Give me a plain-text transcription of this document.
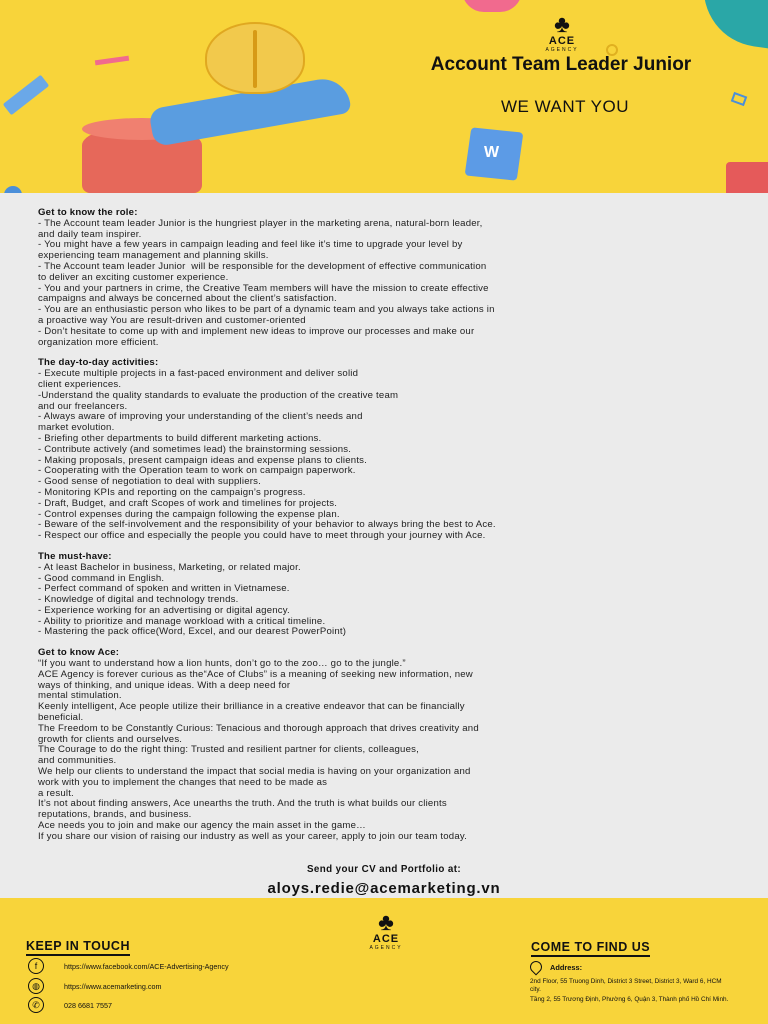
W
♣
ACE
AGENCY
Account Team Leader Junior
WE WANT YOU
Get to know the role:
- The Account team leader Junior is the hungriest player in the marketing arena, natural-born leader,
and daily team inspirer.
- You might have a few years in campaign leading and feel like it’s time to upgrade your level by
experiencing team management and planning skills.
- The Account team leader Junior  will be responsible for the development of effective communication
to deliver an exciting customer experience.
- You and your partners in crime, the Creative Team members will have the mission to create effective
campaigns and always be concerned about the client’s satisfaction.
- You are an enthusiastic person who likes to be part of a dynamic team and you always take actions in
a proactive way You are result-driven and customer-oriented
- Don’t hesitate to come up with and implement new ideas to improve our processes and make our
organization more efficient.
The day-to-day activities:
- Execute multiple projects in a fast-paced environment and deliver solid
client experiences.
-Understand the quality standards to evaluate the production of the creative team
and our freelancers.
- Always aware of improving your understanding of the client’s needs and
market evolution.
- Briefing other departments to build different marketing actions.
- Contribute actively (and sometimes lead) the brainstorming sessions.
- Making proposals, present campaign ideas and expense plans to clients.
- Cooperating with the Operation team to work on campaign paperwork.
- Good sense of negotiation to deal with suppliers.
- Monitoring KPIs and reporting on the campaign’s progress.
- Draft, Budget, and craft Scopes of work and timelines for projects.
- Control expenses during the campaign following the expense plan.
- Beware of the self-involvement and the responsibility of your behavior to always bring the best to Ace.
- Respect our office and especially the people you could have to meet through your journey with Ace.
The must-have:
- At least Bachelor in business, Marketing, or related major.
- Good command in English.
- Perfect command of spoken and written in Vietnamese.
- Knowledge of digital and technology trends.
- Experience working for an advertising or digital agency.
- Ability to prioritize and manage workload with a critical timeline.
- Mastering the pack office(Word, Excel, and our dearest PowerPoint)
Get to know Ace:
“If you want to understand how a lion hunts, don’t go to the zoo… go to the jungle.”
ACE Agency is forever curious as the“Ace of Clubs” is a meaning of seeking new information, new
ways of thinking, and unique ideas. With a deep need for
mental stimulation.
Keenly intelligent, Ace people utilize their brilliance in a creative endeavor that can be financially
beneficial.
The Freedom to be Constantly Curious: Tenacious and thorough approach that drives creativity and
growth for clients and ourselves.
The Courage to do the right thing: Trusted and resilient partner for clients, colleagues,
and communities.
We help our clients to understand the impact that social media is having on your organization and
work with you to implement the changes that need to be made as
a result.
It’s not about finding answers, Ace unearths the truth. And the truth is what builds our clients
reputations, brands, and business.
Ace needs you to join and make our agency the main asset in the game…
If you share our vision of raising our industry as well as your career, apply to join our team today.
Send your CV and Portfolio at:
aloys.redie@acemarketing.vn
♣
ACE
AGENCY
KEEP IN TOUCH	COME TO FIND US
f	https://www.facebook.com/ACE-Advertising-Agency
◍	https://www.acemarketing.com
✆	028 6681 7557
Address:
2nd Floor, 55 Truong Dinh, District 3 Street, District 3, Ward 6, HCM city.
Tầng 2, 55 Trương Định, Phường 6, Quận 3, Thành phố Hồ Chí Minh.
